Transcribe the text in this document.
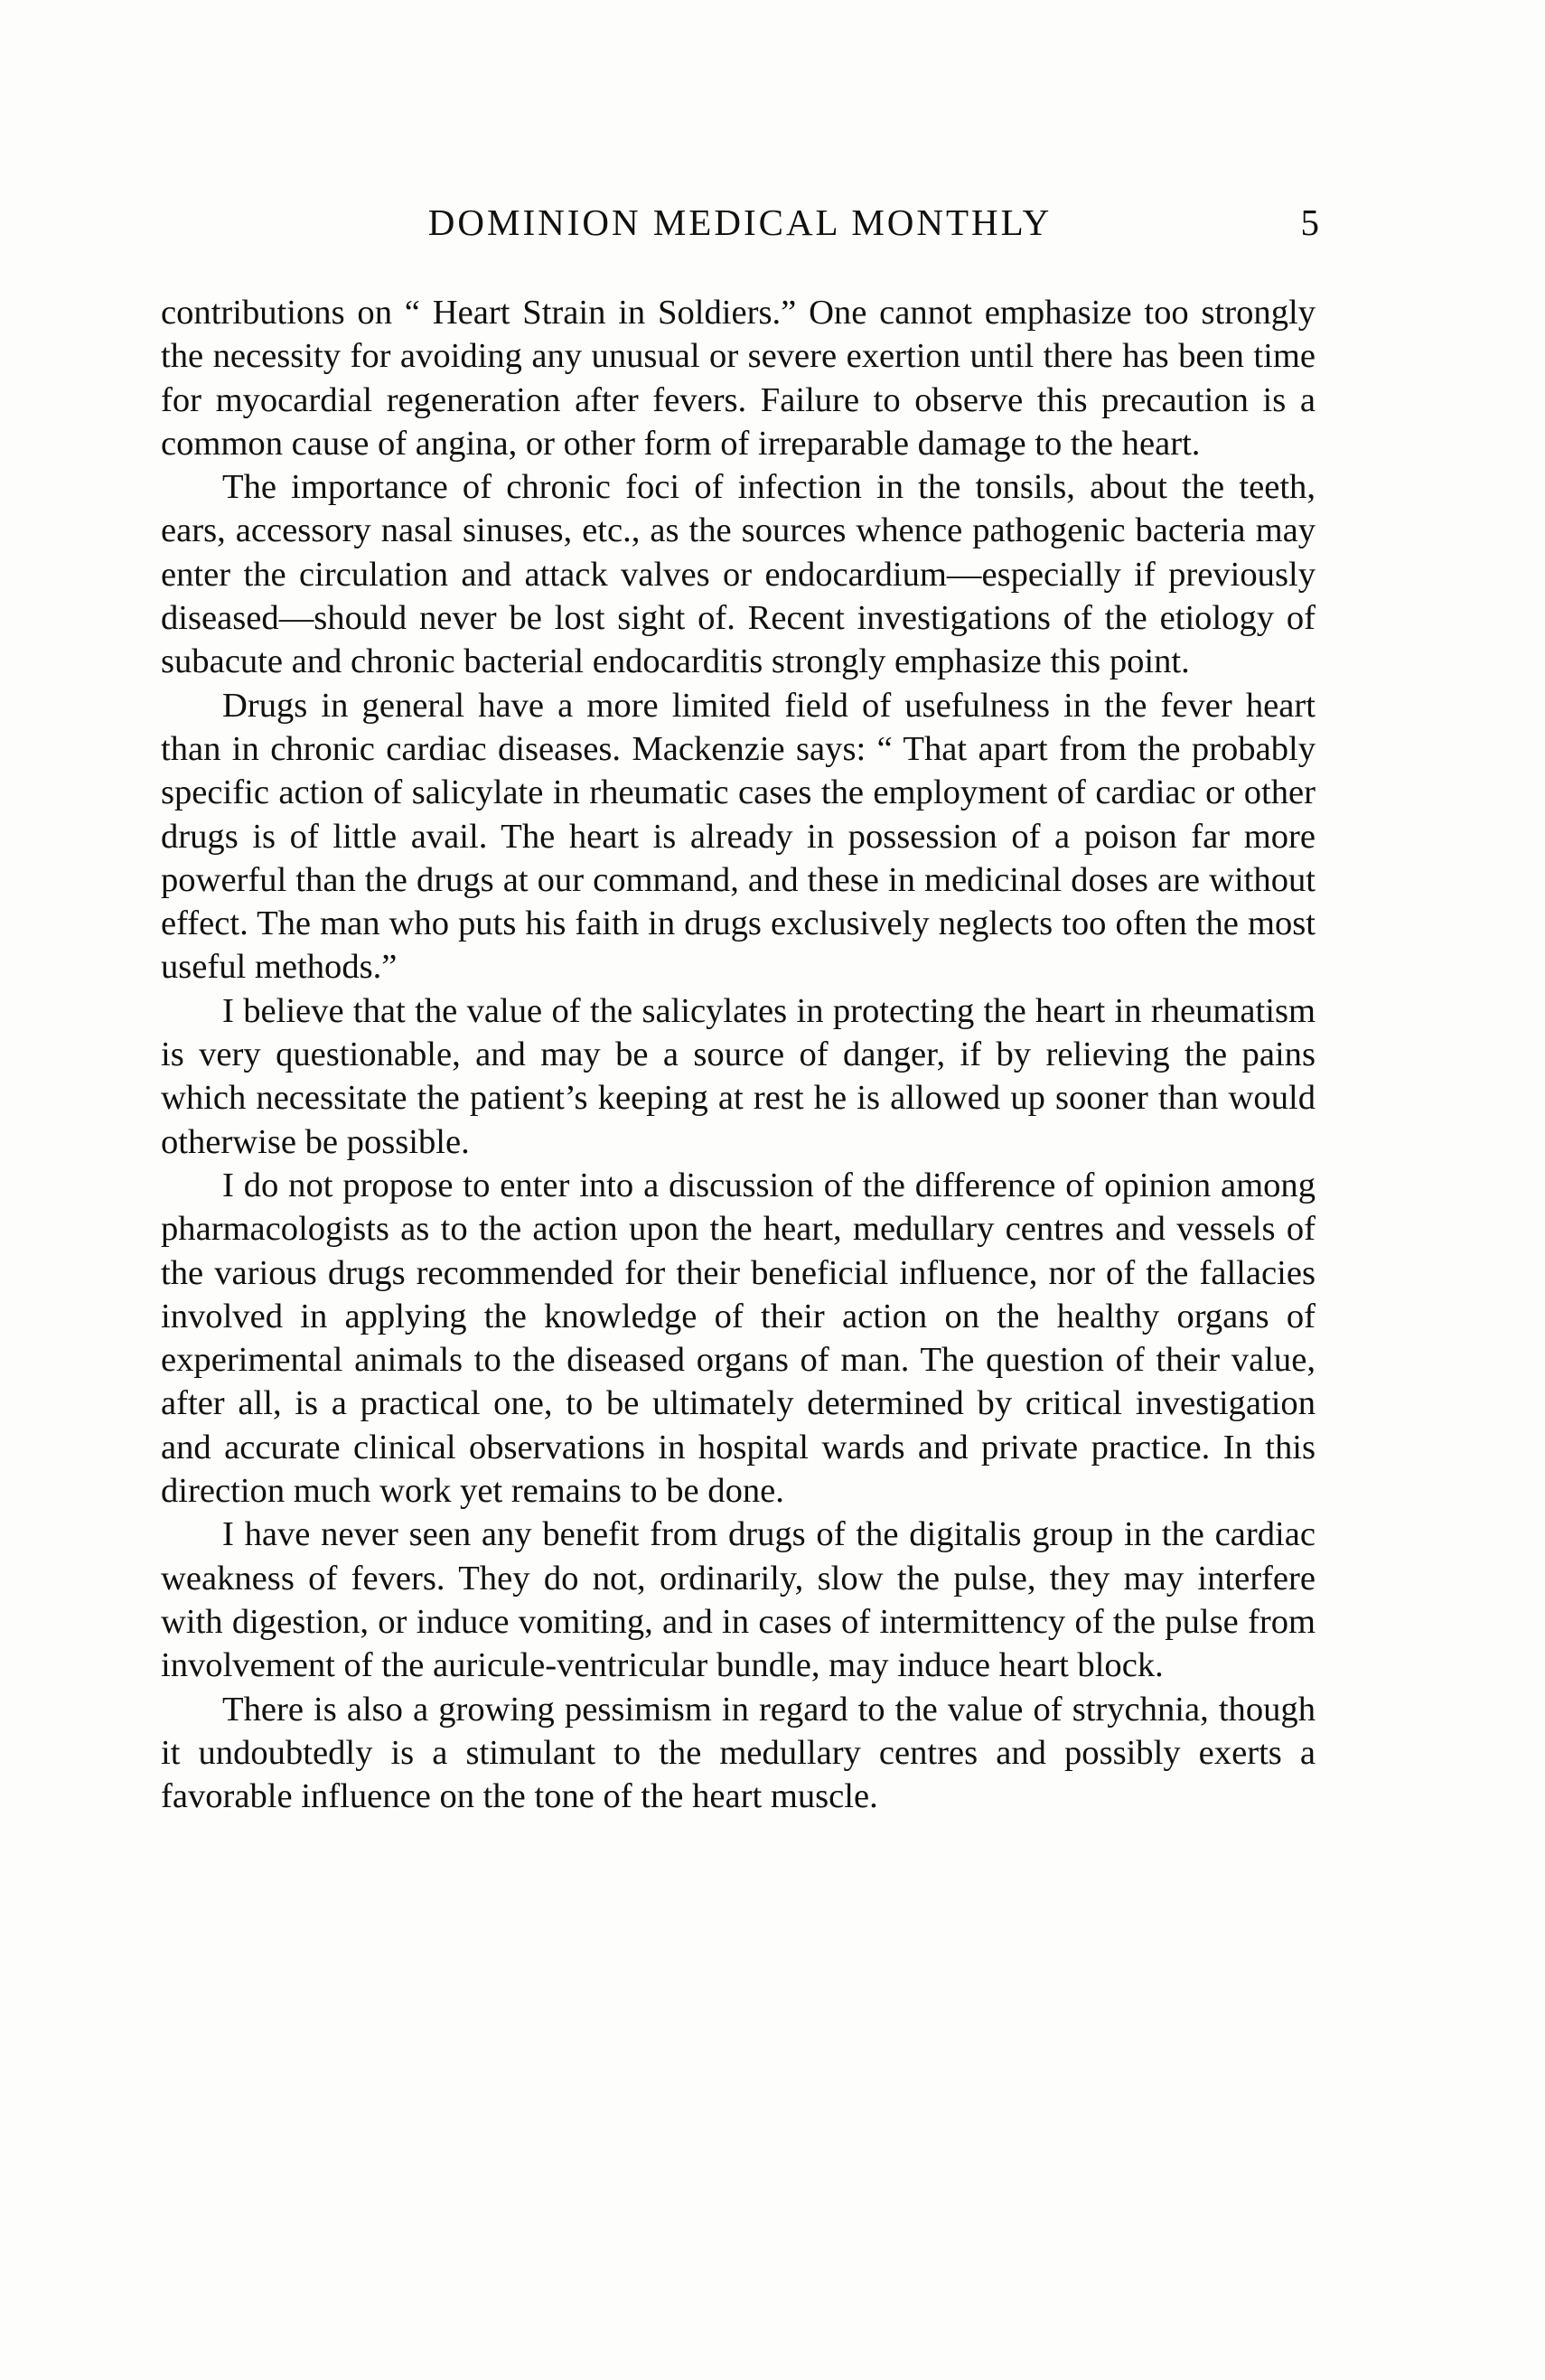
DOMINION MEDICAL MONTHLY	5

contributions on “ Heart Strain in Soldiers.” One cannot emphasize too strongly the necessity for avoiding any unusual or severe exertion until there has been time for myocardial regeneration after fevers. Failure to observe this precaution is a common cause of angina, or other form of irreparable damage to the heart.

The importance of chronic foci of infection in the tonsils, about the teeth, ears, accessory nasal sinuses, etc., as the sources whence pathogenic bacteria may enter the circulation and attack valves or endocardium—especially if previously diseased—should never be lost sight of. Recent investigations of the etiology of subacute and chronic bacterial endocarditis strongly emphasize this point.

Drugs in general have a more limited field of usefulness in the fever heart than in chronic cardiac diseases. Mackenzie says: “ That apart from the probably specific action of salicylate in rheumatic cases the employment of cardiac or other drugs is of little avail. The heart is already in possession of a poison far more powerful than the drugs at our command, and these in medicinal doses are without effect. The man who puts his faith in drugs exclusively neglects too often the most useful methods.”

I believe that the value of the salicylates in protecting the heart in rheumatism is very questionable, and may be a source of danger, if by relieving the pains which necessitate the patient’s keeping at rest he is allowed up sooner than would otherwise be possible.

I do not propose to enter into a discussion of the difference of opinion among pharmacologists as to the action upon the heart, medullary centres and vessels of the various drugs recommended for their beneficial influence, nor of the fallacies involved in applying the knowledge of their action on the healthy organs of experimental animals to the diseased organs of man. The question of their value, after all, is a practical one, to be ultimately determined by critical investigation and accurate clinical observations in hospital wards and private practice. In this direction much work yet remains to be done.

I have never seen any benefit from drugs of the digitalis group in the cardiac weakness of fevers. They do not, ordinarily, slow the pulse, they may interfere with digestion, or induce vomiting, and in cases of intermittency of the pulse from involvement of the auricule-ventricular bundle, may induce heart block.

There is also a growing pessimism in regard to the value of strychnia, though it undoubtedly is a stimulant to the medullary centres and possibly exerts a favorable influence on the tone of the heart muscle.
